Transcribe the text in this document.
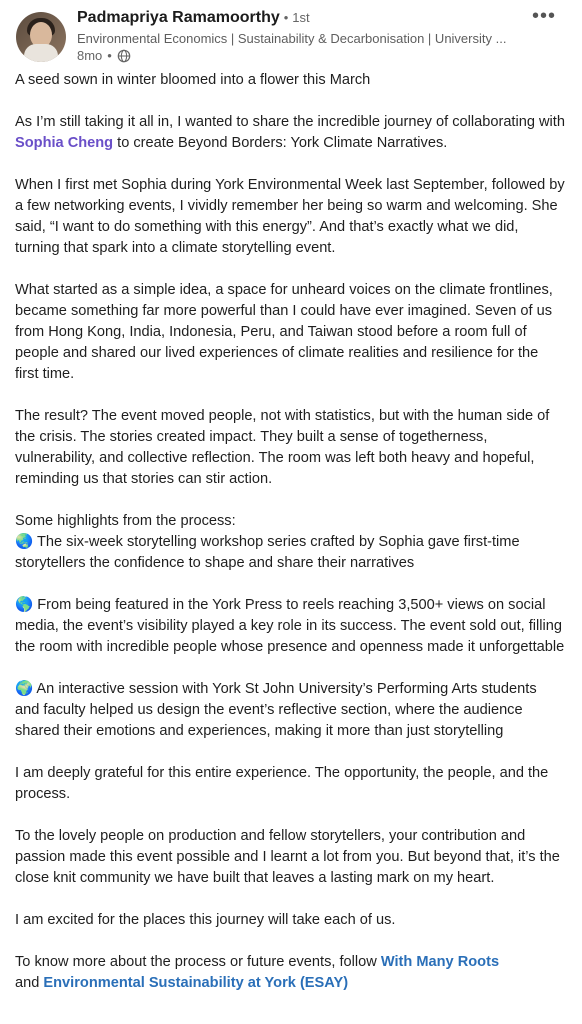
Padmapriya Ramamoorthy • 1st
Environmental Economics | Sustainability & Decarbonisation | University ...
8mo •
•••

A seed sown in winter bloomed into a flower this March

As I’m still taking it all in, I wanted to share the incredible journey of collaborating with Sophia Cheng to create Beyond Borders: York Climate Narratives.

When I first met Sophia during York Environmental Week last September, followed by a few networking events, I vividly remember her being so warm and welcoming. She said, “I want to do something with this energy”. And that’s exactly what we did, turning that spark into a climate storytelling event.

What started as a simple idea, a space for unheard voices on the climate frontlines, became something far more powerful than I could have ever imagined. Seven of us from Hong Kong, India, Indonesia, Peru, and Taiwan stood before a room full of people and shared our lived experiences of climate realities and resilience for the first time.

The result? The event moved people, not with statistics, but with the human side of the crisis. The stories created impact. They built a sense of togetherness, vulnerability, and collective reflection. The room was left both heavy and hopeful, reminding us that stories can stir action.

Some highlights from the process:

🌏 The six-week storytelling workshop series crafted by Sophia gave first-time storytellers the confidence to shape and share their narratives

🌎 From being featured in the York Press to reels reaching 3,500+ views on social media, the event’s visibility played a key role in its success. The event sold out, filling the room with incredible people whose presence and openness made it unforgettable

🌍 An interactive session with York St John University’s Performing Arts students and faculty helped us design the event’s reflective section, where the audience shared their emotions and experiences, making it more than just storytelling

I am deeply grateful for this entire experience. The opportunity, the people, and the process.

To the lovely people on production and fellow storytellers, your contribution and passion made this event possible and I learnt a lot from you. But beyond that, it’s the close knit community we have built that leaves a lasting mark on my heart.

I am excited for the places this journey will take each of us.

To know more about the process or future events, follow With Many Roots
and Environmental Sustainability at York (ESAY)
